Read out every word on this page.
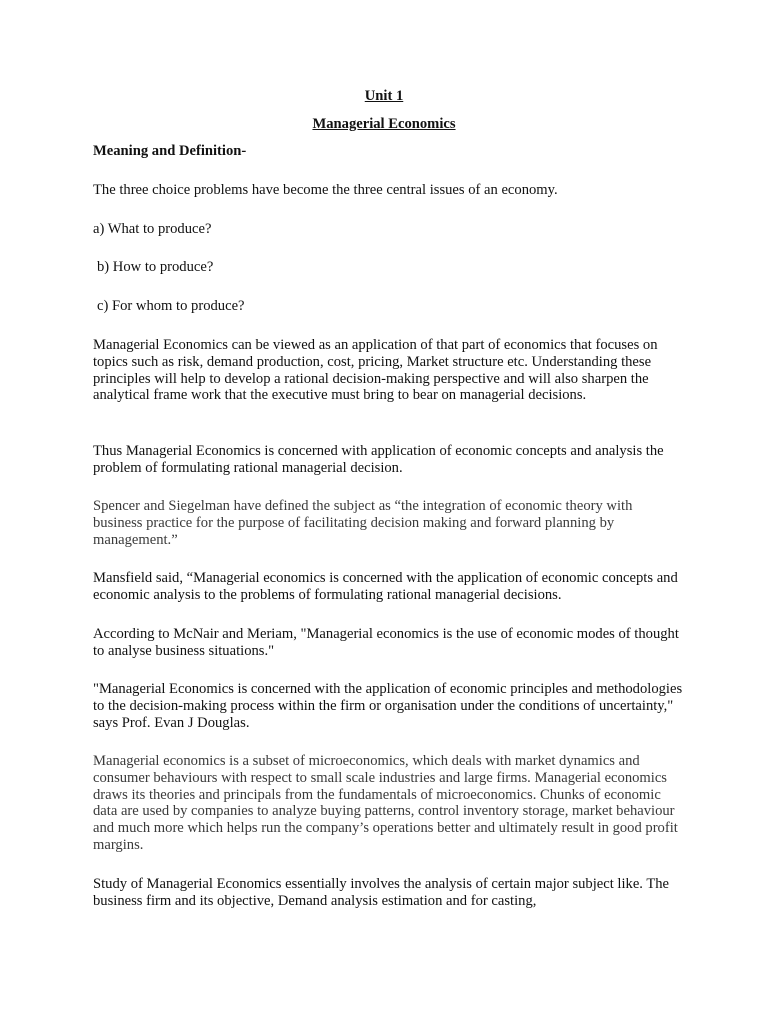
Unit 1
Managerial Economics
Meaning and Definition-
The three choice problems have become the three central issues of an economy.
a) What to produce?
b) How to produce?
c) For whom to produce?
Managerial Economics can be viewed as an application of that part of economics that focuses on topics such as risk, demand production, cost, pricing, Market structure etc. Understanding these principles will help to develop a rational decision-making perspective and will also sharpen the analytical frame work that the executive must bring to bear on managerial decisions.
Thus Managerial Economics is concerned with application of economic concepts and analysis the problem of formulating rational managerial decision.
Spencer and Siegelman have defined the subject as “the integration of economic theory with business practice for the purpose of facilitating decision making and forward planning by management.”
Mansfield said, “Managerial economics is concerned with the application of economic concepts and economic analysis to the problems of formulating rational managerial decisions.
According to McNair and Meriam, "Managerial economics is the use of economic modes of thought to analyse business situations."
"Managerial Economics is concerned with the application of economic principles and methodologies to the decision-making process within the firm or organisation under the conditions of uncertainty," says Prof. Evan J Douglas.
Managerial economics is a subset of microeconomics, which deals with market dynamics and consumer behaviours with respect to small scale industries and large firms. Managerial economics draws its theories and principals from the fundamentals of microeconomics. Chunks of economic data are used by companies to analyze buying patterns, control inventory storage, market behaviour and much more which helps run the company’s operations better and ultimately result in good profit margins.
Study of Managerial Economics essentially involves the analysis of certain major subject like. The business firm and its objective, Demand analysis estimation and for casting,
